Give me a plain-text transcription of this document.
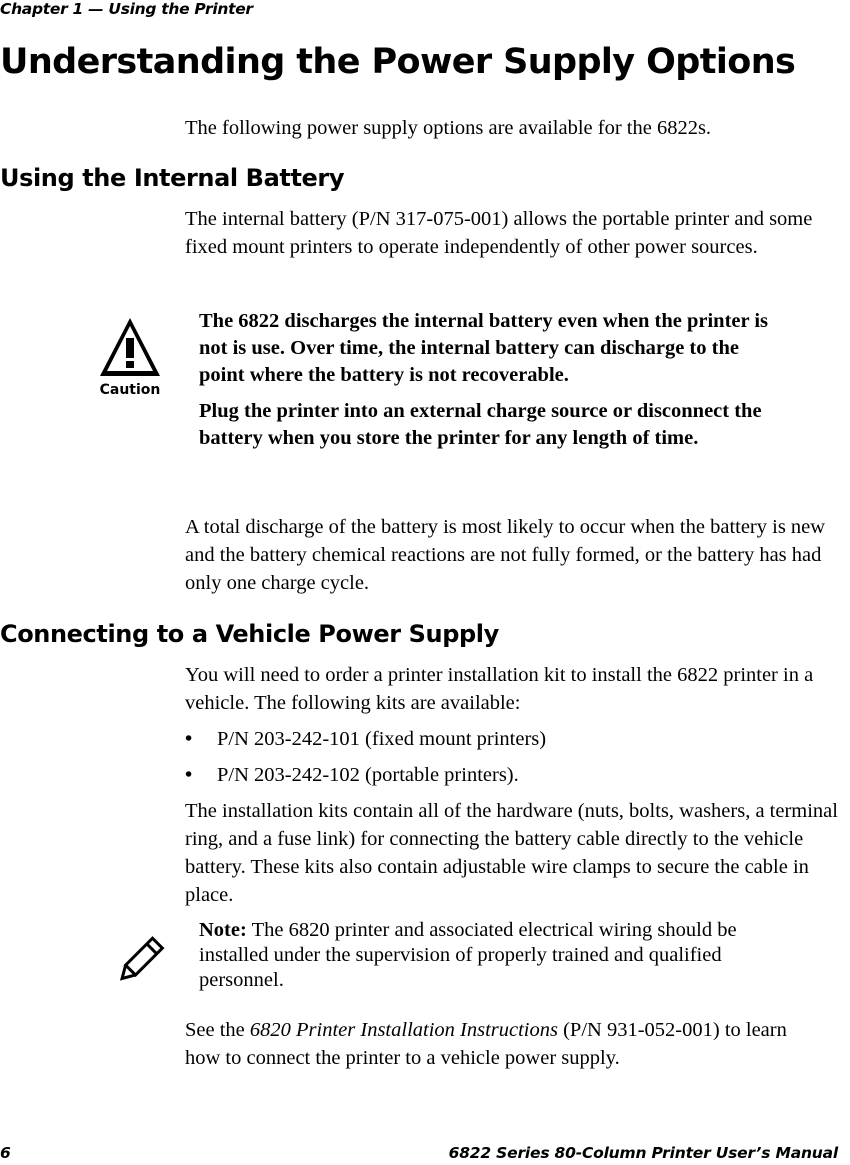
Chapter 1 — Using the Printer
Understanding the Power Supply Options

The following power supply options are available for the 6822s.

Using the Internal Battery

The internal battery (P/N 317-075-001) allows the portable printer and some fixed mount printers to operate independently of other power sources.

Caution

The 6822 discharges the internal battery even when the printer is not is use. Over time, the internal battery can discharge to the point where the battery is not recoverable.

Plug the printer into an external charge source or disconnect the battery when you store the printer for any length of time.

A total discharge of the battery is most likely to occur when the battery is new and the battery chemical reactions are not fully formed, or the battery has had only one charge cycle.

Connecting to a Vehicle Power Supply

You will need to order a printer installation kit to install the 6822 printer in a vehicle. The following kits are available:

• P/N 203-242-101 (fixed mount printers)
• P/N 203-242-102 (portable printers).

The installation kits contain all of the hardware (nuts, bolts, washers, a terminal ring, and a fuse link) for connecting the battery cable directly to the vehicle battery. These kits also contain adjustable wire clamps to secure the cable in place.

Note: The 6820 printer and associated electrical wiring should be installed under the supervision of properly trained and qualified personnel.

See the 6820 Printer Installation Instructions (P/N 931-052-001) to learn how to connect the printer to a vehicle power supply.

6	6822 Series 80-Column Printer User’s Manual
